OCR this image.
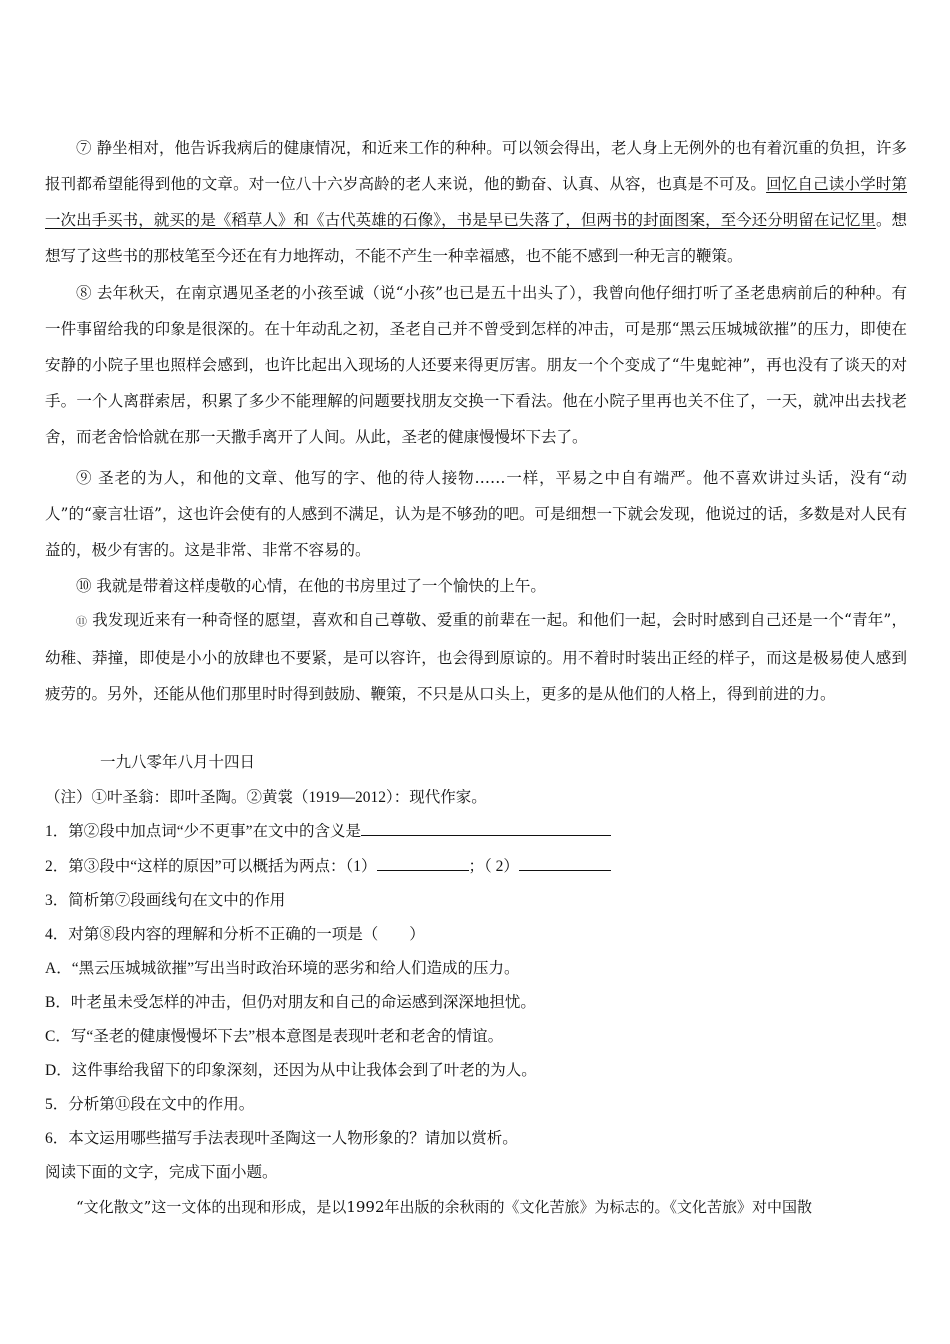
⑦ 静坐相对，他告诉我病后的健康情况，和近来工作的种种。可以领会得出，老人身上无例外的也有着沉重的负担，许多报刊都希望能得到他的文章。对一位八十六岁高龄的老人来说，他的勤奋、认真、从容，也真是不可及。回忆自己读小学时第一次出手买书，就买的是《稻草人》和《古代英雄的石像》，书是早已失落了，但两书的封面图案，至今还分明留在记忆里。想想写了这些书的那枝笔至今还在有力地挥动，不能不产生一种幸福感，也不能不感到一种无言的鞭策。

⑧ 去年秋天，在南京遇见圣老的小孩至诚（说“小孩”也已是五十出头了），我曾向他仔细打听了圣老患病前后的种种。有一件事留给我的印象是很深的。在十年动乱之初，圣老自己并不曾受到怎样的冲击，可是那“黑云压城城欲摧”的压力，即使在安静的小院子里也照样会感到，也许比起出入现场的人还要来得更厉害。朋友一个个变成了“牛鬼蛇神”，再也没有了谈天的对手。一个人离群索居，积累了多少不能理解的问题要找朋友交换一下看法。他在小院子里再也关不住了，一天，就冲出去找老舍，而老舍恰恰就在那一天撒手离开了人间。从此，圣老的健康慢慢坏下去了。

⑨ 圣老的为人，和他的文章、他写的字、他的待人接物……一样，平易之中自有端严。他不喜欢讲过头话，没有“动人”的“豪言壮语”，这也许会使有的人感到不满足，认为是不够劲的吧。可是细想一下就会发现，他说过的话，多数是对人民有益的，极少有害的。这是非常、非常不容易的。

⑩ 我就是带着这样虔敬的心情，在他的书房里过了一个愉快的上午。

⑪ 我发现近来有一种奇怪的愿望，喜欢和自己尊敬、爱重的前辈在一起。和他们一起，会时时感到自己还是一个“青年”，幼稚、莽撞，即使是小小的放肆也不要紧，是可以容许，也会得到原谅的。用不着时时装出正经的样子，而这是极易使人感到疲劳的。另外，还能从他们那里时时得到鼓励、鞭策，不只是从口头上，更多的是从他们的人格上，得到前进的力。

一九八零年八月十四日
（注）①叶圣翁：即叶圣陶。②黄裳（1919—2012）：现代作家。
1．第②段中加点词“少不更事”在文中的含义是
2．第③段中“这样的原因”可以概括为两点：（1）	；（ 2）
3．简析第⑦段画线句在文中的作用
4．对第⑧段内容的理解和分析不正确的一项是（　　）
A．“黑云压城城欲摧”写出当时政治环境的恶劣和给人们造成的压力。
B．叶老虽未受怎样的冲击，但仍对朋友和自己的命运感到深深地担忧。
C．写“圣老的健康慢慢坏下去”根本意图是表现叶老和老舍的情谊。
D．这件事给我留下的印象深刻，还因为从中让我体会到了叶老的为人。
5．分析第⑪段在文中的作用。
6．本文运用哪些描写手法表现叶圣陶这一人物形象的？请加以赏析。
阅读下面的文字，完成下面小题。
“文化散文”这一文体的出现和形成，是以1992年出版的余秋雨的《文化苦旅》为标志的。《文化苦旅》对中国散
